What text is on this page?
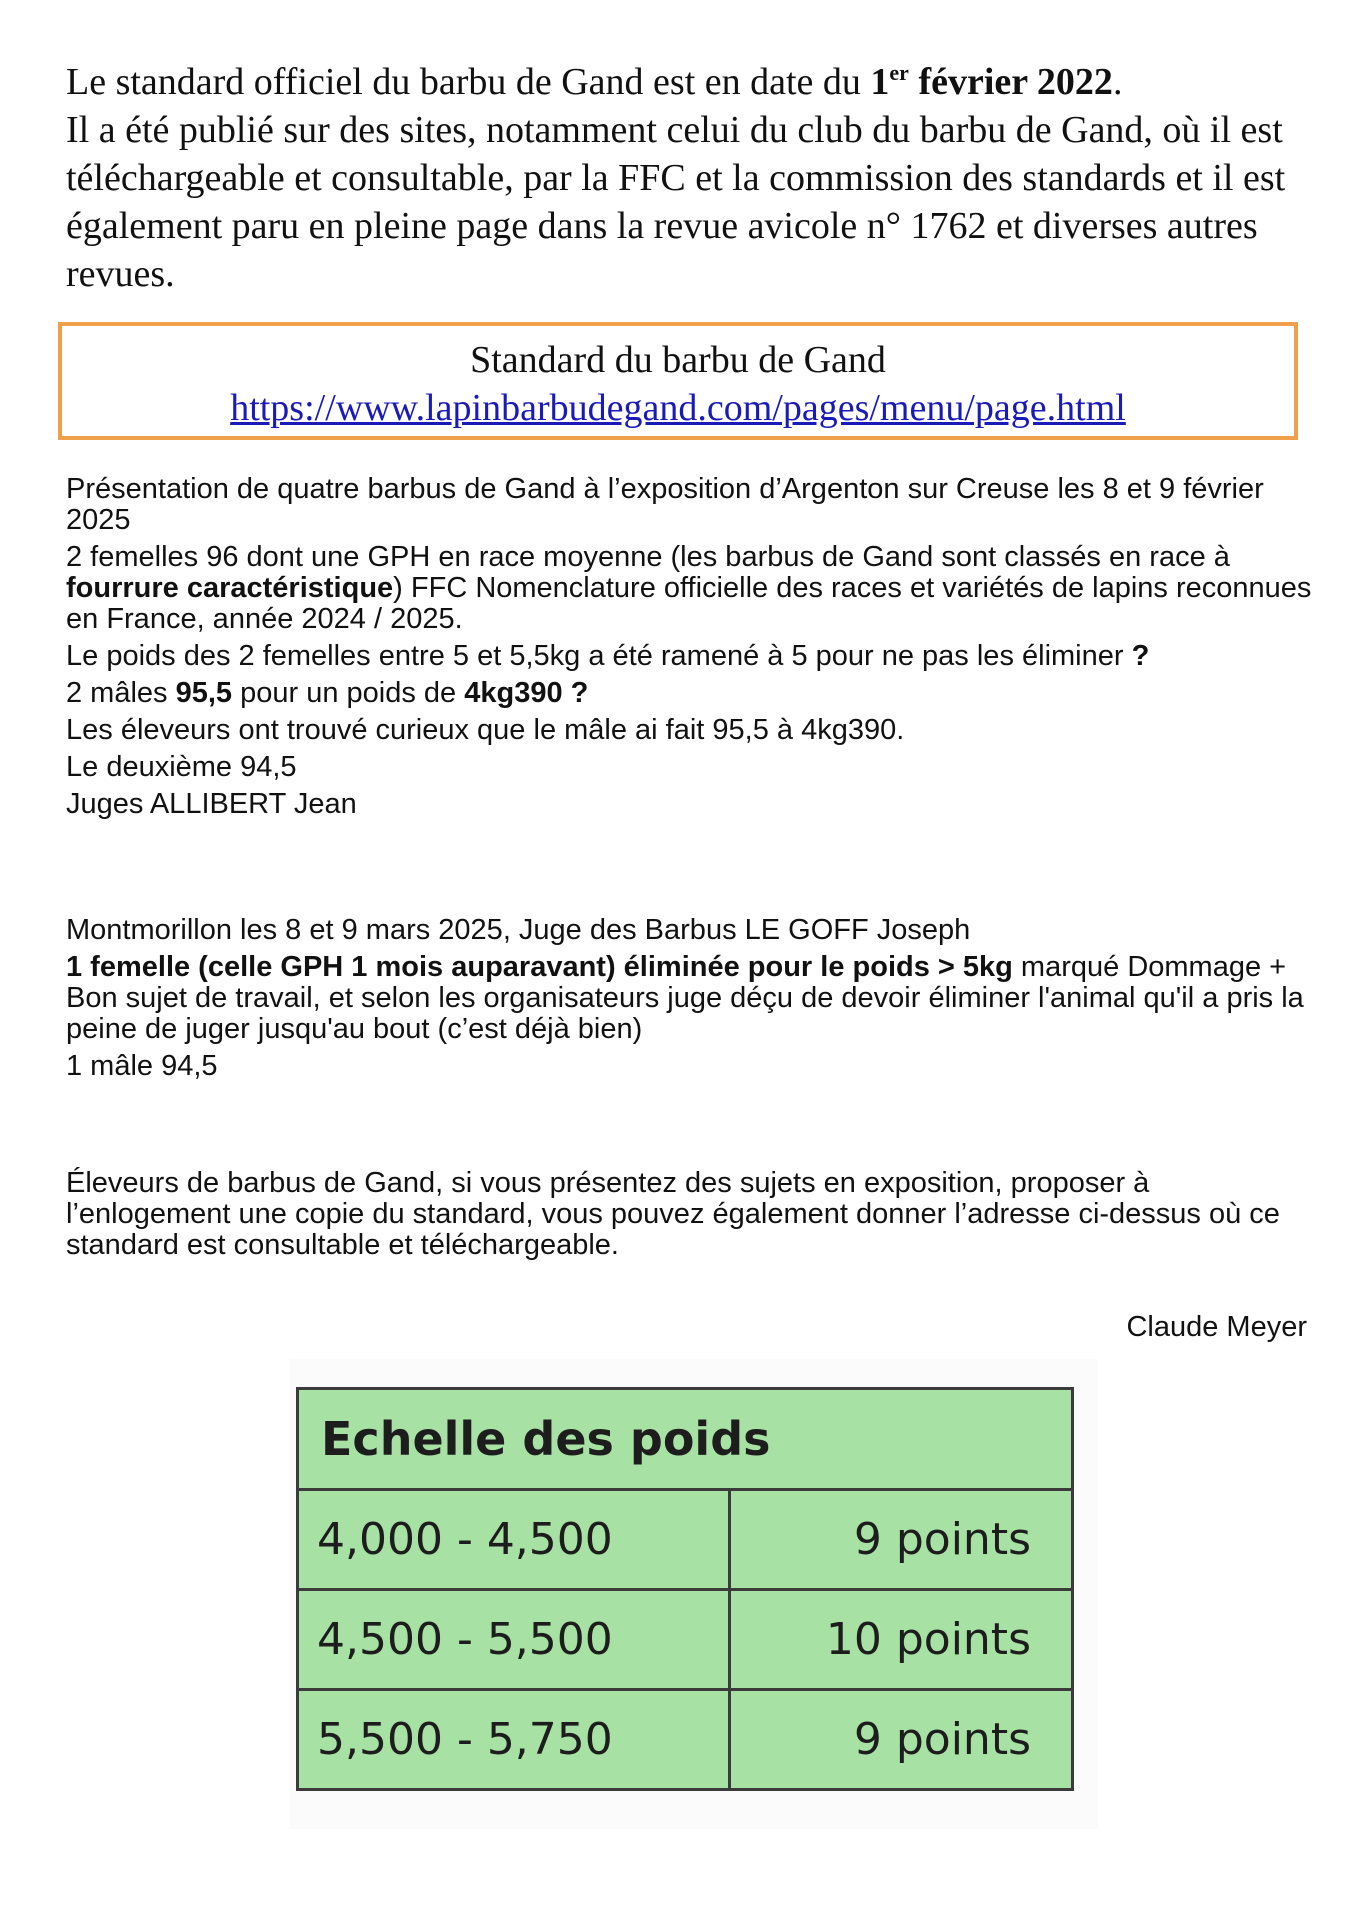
Le standard officiel du barbu de Gand est en date du 1er février 2022.

Il a été publié sur des sites, notamment celui du club du barbu de Gand, où il est téléchargeable et consultable, par la FFC et la commission des standards et il est également paru en pleine page dans la revue avicole n° 1762 et diverses autres revues.

Standard du barbu de Gand
https://www.lapinbarbudegand.com/pages/menu/page.html

Présentation de quatre barbus de Gand à l’exposition d’Argenton sur Creuse les 8 et 9 février 2025

2 femelles 96 dont une GPH en race moyenne (les barbus de Gand sont classés en race à fourrure caractéristique) FFC Nomenclature officielle des races et variétés de lapins reconnues en France, année 2024 / 2025.

Le poids des 2 femelles entre 5 et 5,5kg a été ramené à 5 pour ne pas les éliminer ?

2 mâles 95,5 pour un poids de 4kg390 ?

Les éleveurs ont trouvé curieux que le mâle ai fait 95,5 à 4kg390.

Le deuxième 94,5

Juges ALLIBERT Jean

Montmorillon les 8 et 9 mars 2025, Juge des Barbus LE GOFF Joseph

1 femelle (celle GPH 1 mois auparavant) éliminée pour le poids > 5kg marqué Dommage + Bon sujet de travail, et selon les organisateurs juge déçu de devoir éliminer l'animal qu'il a pris la peine de juger jusqu'au bout (c’est déjà bien)

1 mâle 94,5

Éleveurs de barbus de Gand, si vous présentez des sujets en exposition, proposer à l’enlogement une copie du standard, vous pouvez également donner l’adresse ci-dessus où ce standard est consultable et téléchargeable.

Claude Meyer
Echelle des poids	
4,000 - 4,500	9 points
4,500 - 5,500	10 points
5,500 - 5,750	9 points
